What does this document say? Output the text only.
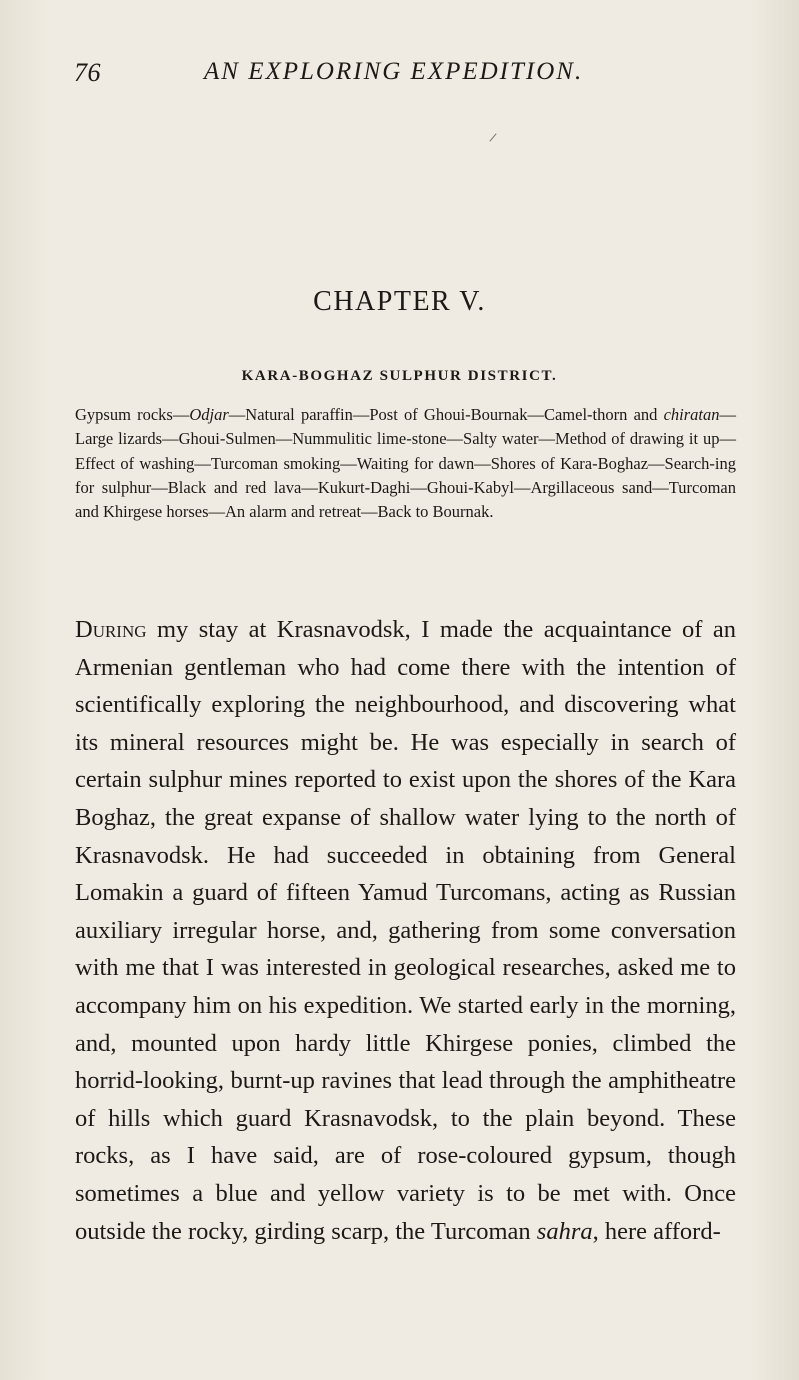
76	AN EXPLORING EXPEDITION.
CHAPTER V.
KARA-BOGHAZ SULPHUR DISTRICT.

Gypsum rocks—Odjar—Natural paraffin—Post of Ghoui-Bournak—Camel-thorn and chiratan—Large lizards—Ghoui-Sulmen—Nummulitic lime-stone—Salty water—Method of drawing it up—Effect of washing—Turcoman smoking—Waiting for dawn—Shores of Kara-Boghaz—Search-ing for sulphur—Black and red lava—Kukurt-Daghi—Ghoui-Kabyl—Argillaceous sand—Turcoman and Khirgese horses—An alarm and retreat—Back to Bournak.

During my stay at Krasnavodsk, I made the acquaintance of an Armenian gentleman who had come there with the intention of scientifically exploring the neighbourhood, and discovering what its mineral resources might be. He was especially in search of certain sulphur mines reported to exist upon the shores of the Kara Boghaz, the great expanse of shallow water lying to the north of Krasnavodsk. He had succeeded in obtaining from General Lomakin a guard of fifteen Yamud Turcomans, acting as Russian auxiliary irregular horse, and, gathering from some conversation with me that I was interested in geological researches, asked me to accompany him on his expedition. We started early in the morning, and, mounted upon hardy little Khirgese ponies, climbed the horrid-looking, burnt-up ravines that lead through the amphitheatre of hills which guard Krasnavodsk, to the plain beyond. These rocks, as I have said, are of rose-coloured gypsum, though sometimes a blue and yellow variety is to be met with. Once outside the rocky, girding scarp, the Turcoman sahra, here afford-
